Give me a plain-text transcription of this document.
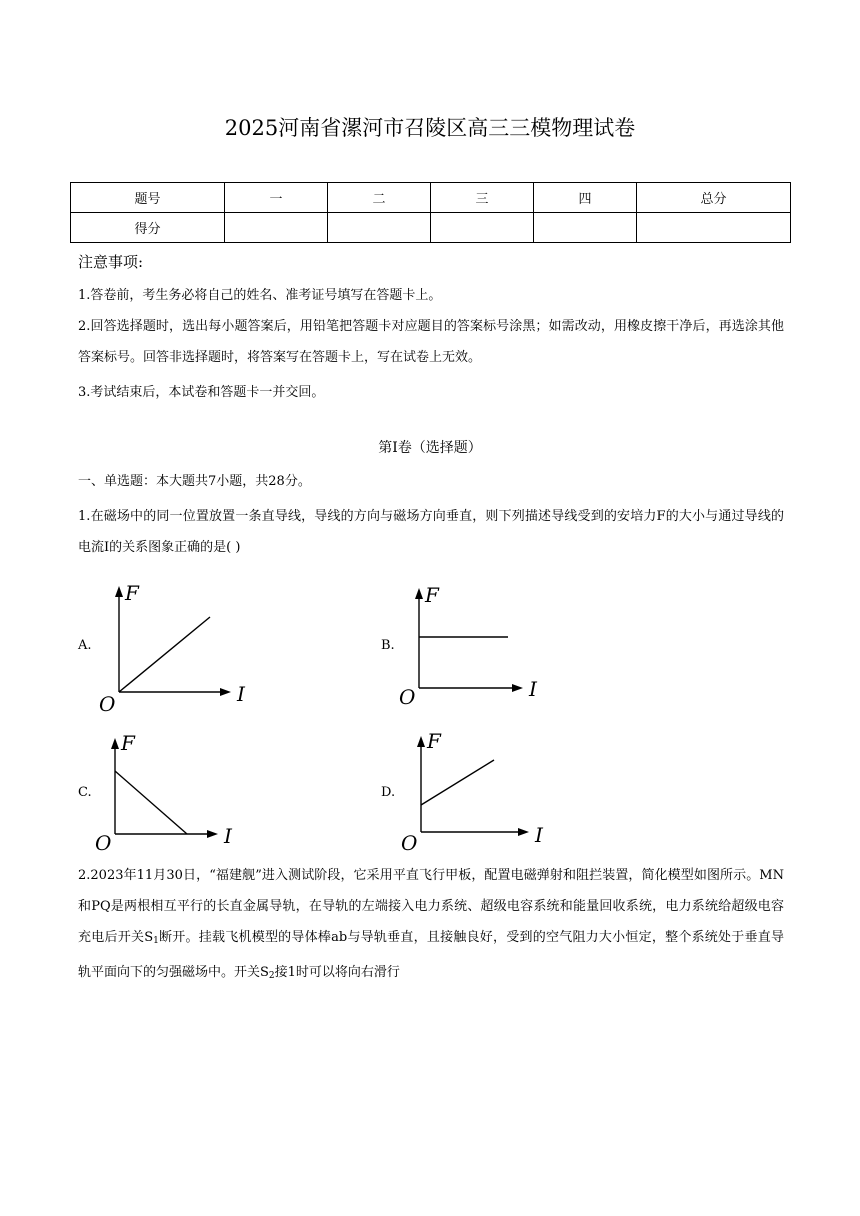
2025河南省漯河市召陵区高三三模物理试卷
题号	一	二	三	四	总分
得分					
注意事项:
1.答卷前，考生务必将自己的姓名、准考证号填写在答题卡上。
2.回答选择题时，选出每小题答案后，用铅笔把答题卡对应题目的答案标号涂黑；如需改动，用橡皮擦干净后，再选涂其他答案标号。回答非选择题时，将答案写在答题卡上，写在试卷上无效。
3.考试结束后，本试卷和答题卡一并交回。
第I卷（选择题）
一、单选题：本大题共7小题，共28分。
1.在磁场中的同一位置放置一条直导线，导线的方向与磁场方向垂直，则下列描述导线受到的安培力F的大小与通过导线的电流I的关系图象正确的是( )
A.
F
I
O
B.
F
I
O
C.
F
I
O
D.
F
I
O
2.2023年11月30日，“福建舰”进入测试阶段，它采用平直飞行甲板，配置电磁弹射和阻拦装置，简化模型如图所示。MN和PQ是两根相互平行的长直金属导轨，在导轨的左端接入电力系统、超级电容系统和能量回收系统，电力系统给超级电容充电后开关$S_1$断开。挂载飞机模型的导体棒ab与导轨垂直，且接触良好，受到的空气阻力大小恒定，整个系统处于垂直导轨平面向下的匀强磁场中。开关$S_2$接1时可以将向右滑行
